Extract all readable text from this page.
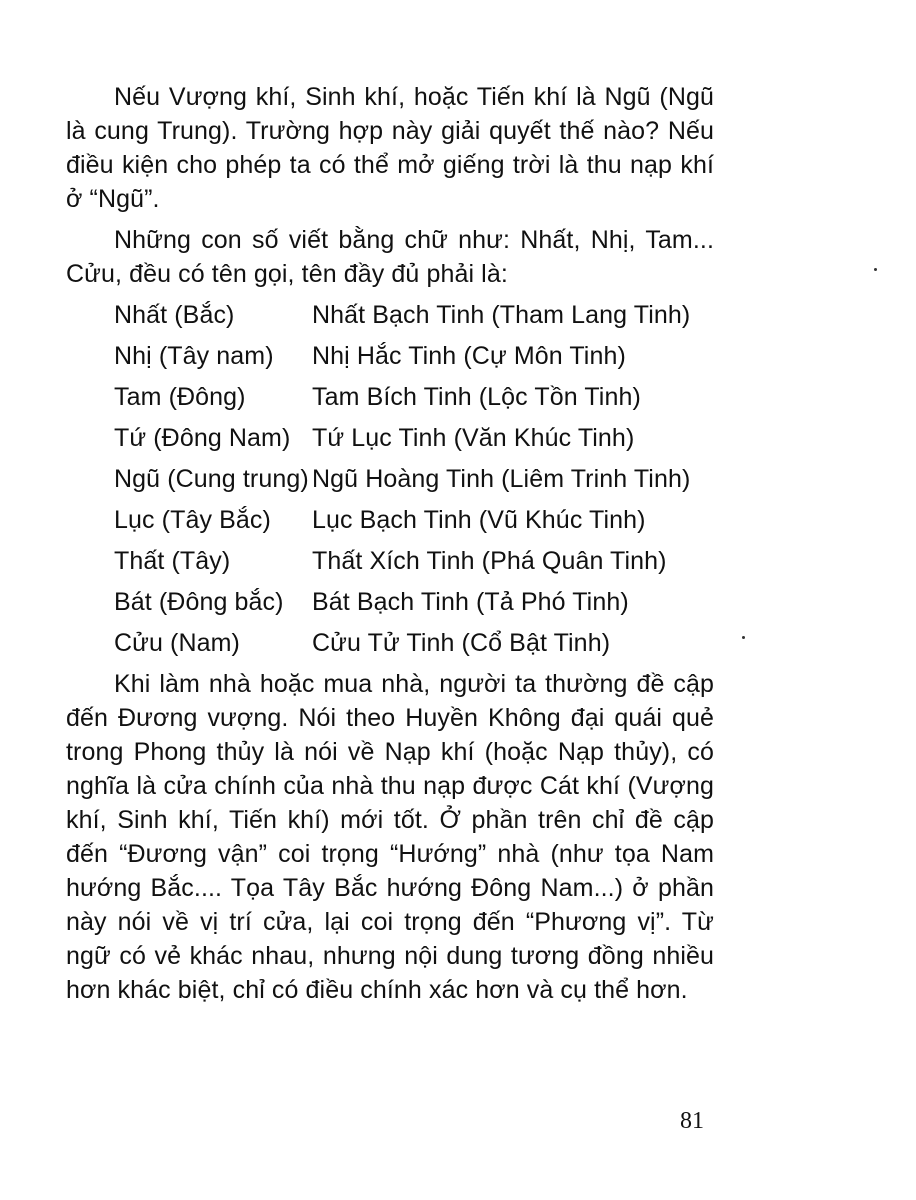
Nếu Vượng khí, Sinh khí, hoặc Tiến khí là Ngũ (Ngũ là cung Trung). Trường hợp này giải quyết thế nào? Nếu điều kiện cho phép ta có thể mở giếng trời là thu nạp khí ở “Ngũ”.

Những con số viết bằng chữ như: Nhất, Nhị, Tam... Cửu, đều có tên gọi, tên đầy đủ phải là:

Nhất (Bắc)	Nhất Bạch Tinh (Tham Lang Tinh)
Nhị (Tây nam) Nhị Hắc Tinh (Cự Môn Tinh)
Tam (Đông)	Tam Bích Tinh (Lộc Tồn Tinh)
Tứ (Đông Nam) Tứ Lục Tinh (Văn Khúc Tinh)
Ngũ (Cung trung) Ngũ Hoàng Tinh (Liêm Trinh Tinh)
Lục (Tây Bắc) Lục Bạch Tinh (Vũ Khúc Tinh)
Thất (Tây)	Thất Xích Tinh (Phá Quân Tinh)
Bát (Đông bắc) Bát Bạch Tinh (Tả Phó Tinh)
Cửu (Nam)	Cửu Tử Tinh (Cổ Bật Tinh)

Khi làm nhà hoặc mua nhà, người ta thường đề cập đến Đương vượng. Nói theo Huyền Không đại quái quẻ trong Phong thủy là nói về Nạp khí (hoặc Nạp thủy), có nghĩa là cửa chính của nhà thu nạp được Cát khí (Vượng khí, Sinh khí, Tiến khí) mới tốt. Ở phần trên chỉ đề cập đến “Đương vận” coi trọng “Hướng” nhà (như tọa Nam hướng Bắc.... Tọa Tây Bắc hướng Đông Nam...) ở phần này nói về vị trí cửa, lại coi trọng đến “Phương vị”. Từ ngữ có vẻ khác nhau, nhưng nội dung tương đồng nhiều hơn khác biệt, chỉ có điều chính xác hơn và cụ thể hơn.

81
